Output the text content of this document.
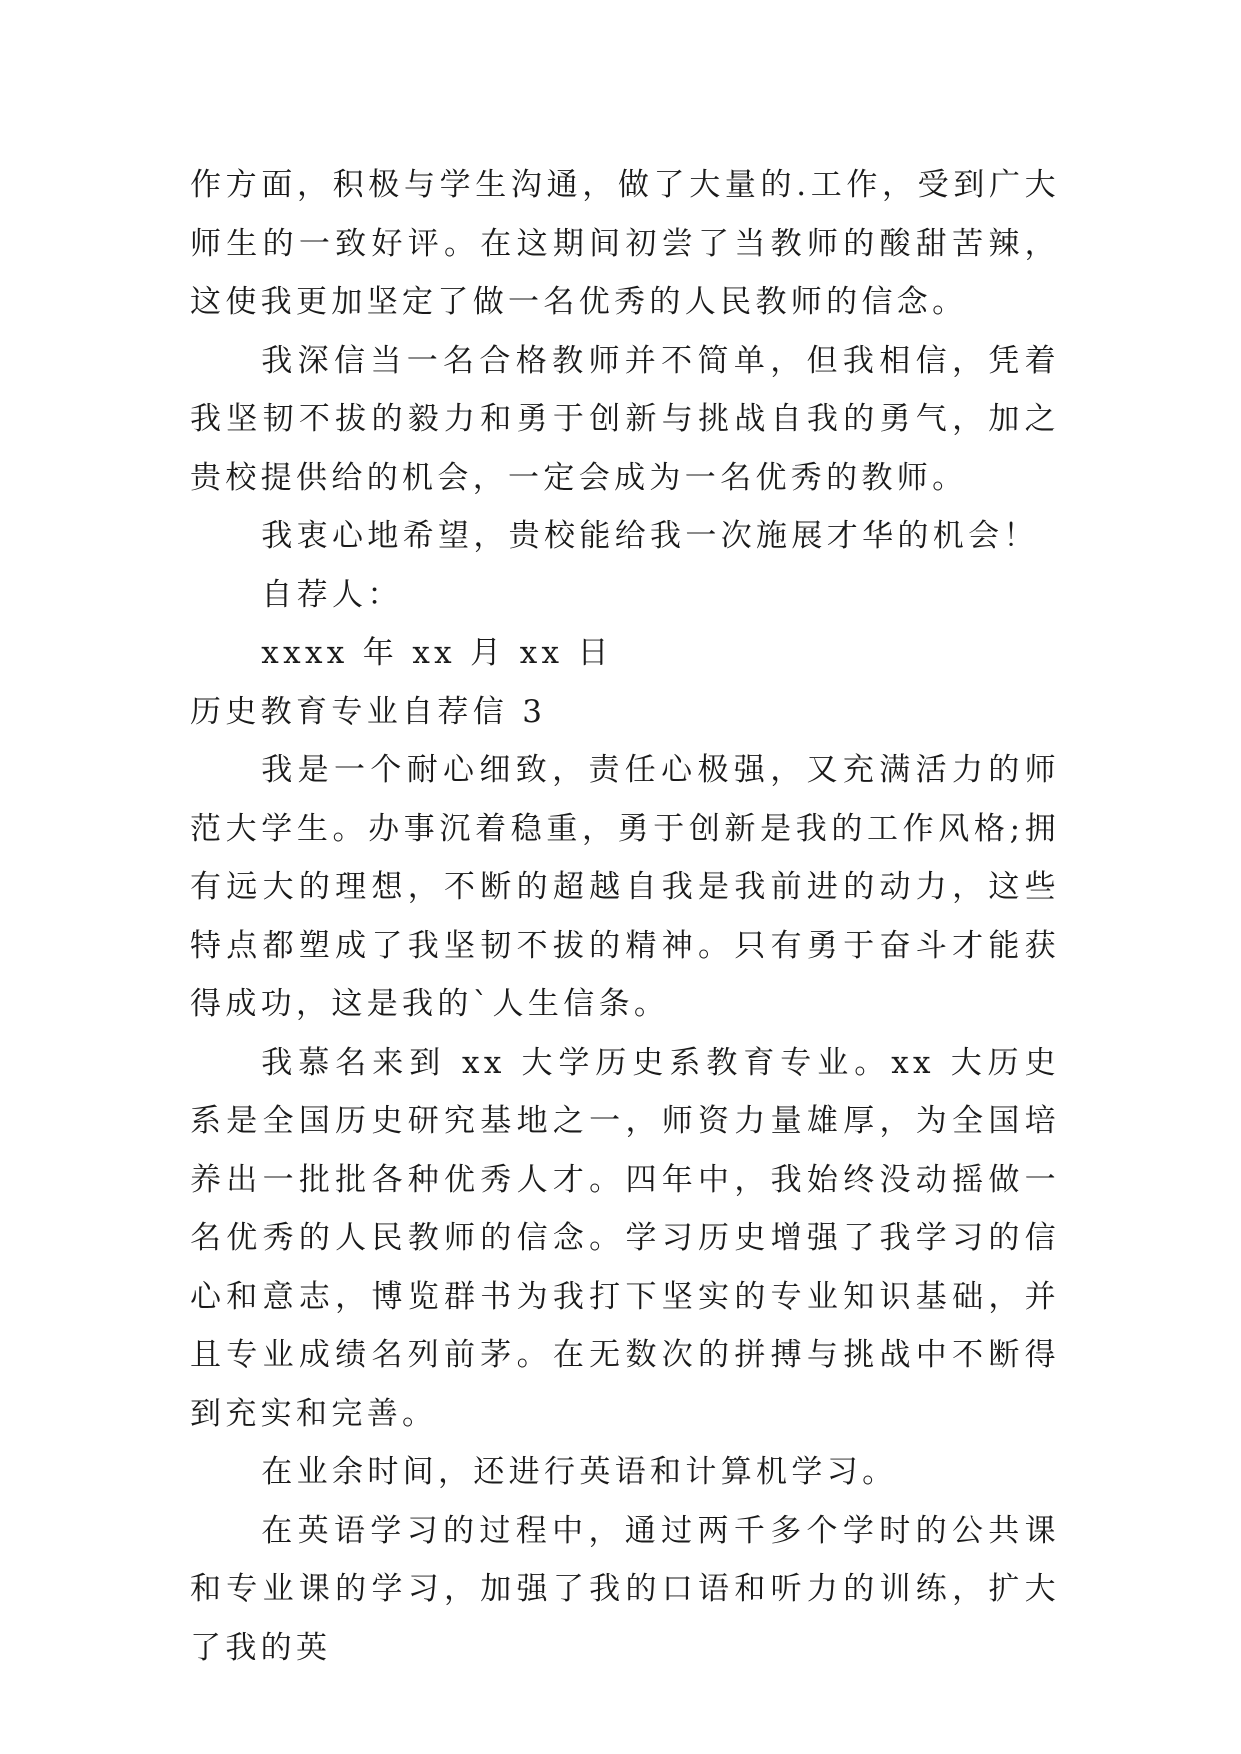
作方面，积极与学生沟通，做了大量的.工作，受到广大师生的一致好评。在这期间初尝了当教师的酸甜苦辣，这使我更加坚定了做一名优秀的人民教师的信念。

我深信当一名合格教师并不简单，但我相信，凭着我坚韧不拔的毅力和勇于创新与挑战自我的勇气，加之贵校提供给的机会，一定会成为一名优秀的教师。

我衷心地希望，贵校能给我一次施展才华的机会！

自荐人：

xxxx 年 xx 月 xx 日

历史教育专业自荐信 3

我是一个耐心细致，责任心极强，又充满活力的师范大学生。办事沉着稳重，勇于创新是我的工作风格;拥有远大的理想，不断的超越自我是我前进的动力，这些特点都塑成了我坚韧不拔的精神。只有勇于奋斗才能获得成功，这是我的`人生信条。

我慕名来到 xx 大学历史系教育专业。xx 大历史系是全国历史研究基地之一，师资力量雄厚，为全国培养出一批批各种优秀人才。四年中，我始终没动摇做一名优秀的人民教师的信念。学习历史增强了我学习的信心和意志，博览群书为我打下坚实的专业知识基础，并且专业成绩名列前茅。在无数次的拼搏与挑战中不断得到充实和完善。

在业余时间，还进行英语和计算机学习。

在英语学习的过程中，通过两千多个学时的公共课和专业课的学习，加强了我的口语和听力的训练，扩大了我的英
